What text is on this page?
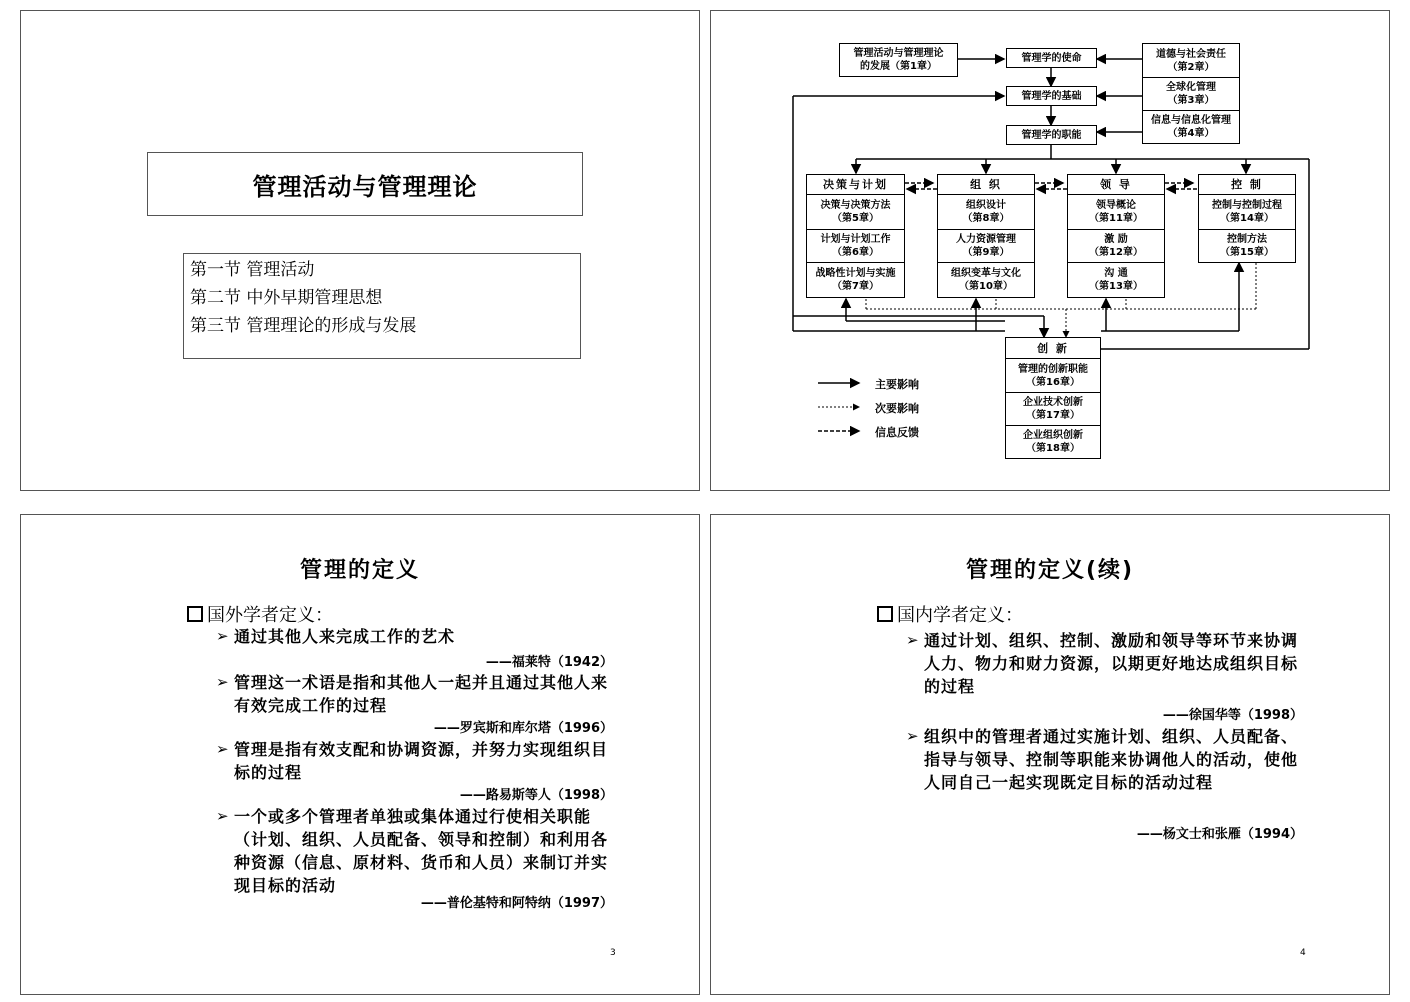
管理活动与管理理论
第一节 管理活动
第二节 中外早期管理思想
第三节 管理理论的形成与发展
管理活动与管理理论
的发展（第1章）
管理学的使命
管理学的基础
管理学的职能
道德与社会责任
（第2章）
全球化管理
（第3章）
信息与信息化管理
（第4章）
决策与计划
决策与决策方法
（第5章）
计划与计划工作
（第6章）
战略性计划与实施
（第7章）
组 织
组织设计
（第8章）
人力资源管理
（第9章）
组织变革与文化
（第10章）
领 导
领导概论
（第11章）
激 励
（第12章）
沟 通
（第13章）
控 制
控制与控制过程
（第14章）
控制方法
（第15章）
创 新
管理的创新职能
（第16章）
企业技术创新
（第17章）
企业组织创新
（第18章）
主要影响
次要影响
信息反馈
管理的定义
国外学者定义：
➢ 通过其他人来完成工作的艺术
——福莱特（1942）
➢ 管理这一术语是指和其他人一起并且通过其他人来有效完成工作的过程
——罗宾斯和库尔塔（1996）
➢ 管理是指有效支配和协调资源，并努力实现组织目标的过程
——路易斯等人（1998）
➢ 一个或多个管理者单独或集体通过行使相关职能（计划、组织、人员配备、领导和控制）和利用各种资源（信息、原材料、货币和人员）来制订并实现目标的活动
——普伦基特和阿特纳（1997）
3
管理的定义(续)
国内学者定义：
➢ 通过计划、组织、控制、激励和领导等环节来协调人力、物力和财力资源，以期更好地达成组织目标的过程
——徐国华等（1998）
➢ 组织中的管理者通过实施计划、组织、人员配备、指导与领导、控制等职能来协调他人的活动，使他人同自己一起实现既定目标的活动过程
——杨文士和张雁（1994）
4
